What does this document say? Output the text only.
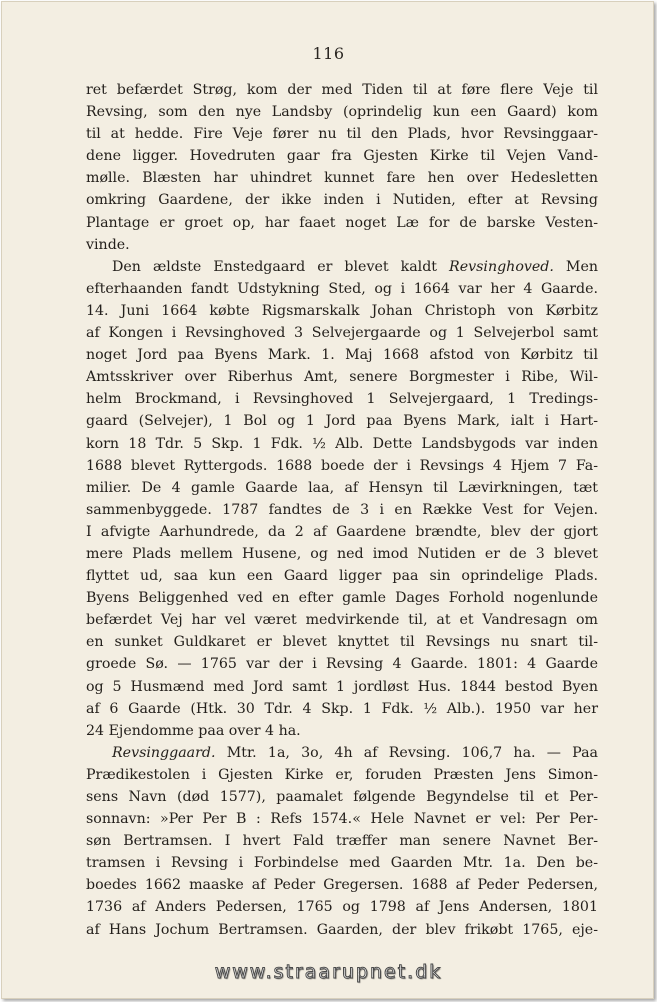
116
ret befærdet Strøg, kom der med Tiden til at føre flere Veje til
Revsing, som den nye Landsby (oprindelig kun een Gaard) kom
til at hedde. Fire Veje fører nu til den Plads, hvor Revsinggaar-
dene ligger. Hovedruten gaar fra Gjesten Kirke til Vejen Vand-
mølle. Blæsten har uhindret kunnet fare hen over Hedesletten
omkring Gaardene, der ikke inden i Nutiden, efter at Revsing
Plantage er groet op, har faaet noget Læ for de barske Vesten-
vinde.
Den ældste Enstedgaard er blevet kaldt Revsinghoved. Men
efterhaanden fandt Udstykning Sted, og i 1664 var her 4 Gaarde.
14. Juni 1664 købte Rigsmarskalk Johan Christoph von Kørbitz
af Kongen i Revsinghoved 3 Selvejergaarde og 1 Selvejerbol samt
noget Jord paa Byens Mark. 1. Maj 1668 afstod von Kørbitz til
Amtsskriver over Riberhus Amt, senere Borgmester i Ribe, Wil-
helm Brockmand, i Revsinghoved 1 Selvejergaard, 1 Tredings-
gaard (Selvejer), 1 Bol og 1 Jord paa Byens Mark, ialt i Hart-
korn 18 Tdr. 5 Skp. 1 Fdk. ½ Alb. Dette Landsbygods var inden
1688 blevet Ryttergods. 1688 boede der i Revsings 4 Hjem 7 Fa-
milier. De 4 gamle Gaarde laa, af Hensyn til Lævirkningen, tæt
sammenbyggede. 1787 fandtes de 3 i en Række Vest for Vejen.
I afvigte Aarhundrede, da 2 af Gaardene brændte, blev der gjort
mere Plads mellem Husene, og ned imod Nutiden er de 3 blevet
flyttet ud, saa kun een Gaard ligger paa sin oprindelige Plads.
Byens Beliggenhed ved en efter gamle Dages Forhold nogenlunde
befærdet Vej har vel været medvirkende til, at et Vandresagn om
en sunket Guldkaret er blevet knyttet til Revsings nu snart til-
groede Sø. — 1765 var der i Revsing 4 Gaarde. 1801: 4 Gaarde
og 5 Husmænd med Jord samt 1 jordløst Hus. 1844 bestod Byen
af 6 Gaarde (Htk. 30 Tdr. 4 Skp. 1 Fdk. ½ Alb.). 1950 var her
24 Ejendomme paa over 4 ha.
Revsinggaard. Mtr. 1a, 3o, 4h af Revsing. 106,7 ha. — Paa
Prædikestolen i Gjesten Kirke er, foruden Præsten Jens Simon-
sens Navn (død 1577), paamalet følgende Begyndelse til et Per-
sonnavn: »Per Per B : Refs 1574.« Hele Navnet er vel: Per Per-
søn Bertramsen. I hvert Fald træffer man senere Navnet Ber-
tramsen i Revsing i Forbindelse med Gaarden Mtr. 1a. Den be-
boedes 1662 maaske af Peder Gregersen. 1688 af Peder Pedersen,
1736 af Anders Pedersen, 1765 og 1798 af Jens Andersen, 1801
af Hans Jochum Bertramsen. Gaarden, der blev frikøbt 1765, eje-
www.straarupnet.dk
